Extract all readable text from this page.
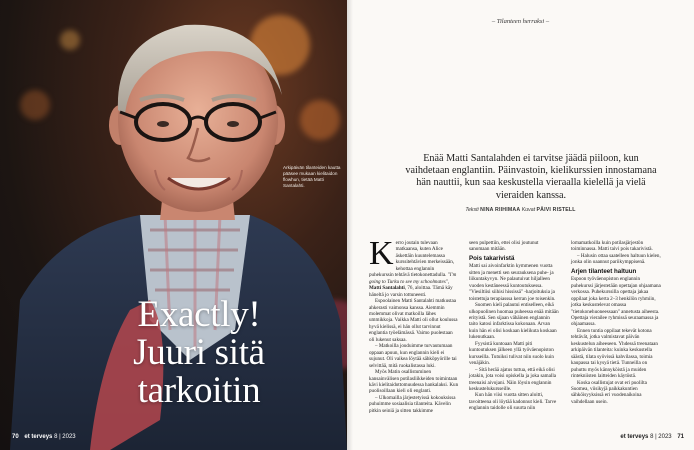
Arkipäivän tilanteiden kautta pääsee mukaan kielitaidon flowhun, tietää Matti Santalahti.
Exactly!
Juuri sitä
tarkoitin
70 et terveys 8 | 2023
– Tilanteen herraksi –
Enää Matti Santalahden ei tarvitse jäädä piiloon, kun vaihdetaan englantiin. Päinvastoin, kielikurssien innostamana hän nauttii, kun saa keskustella vieraalla kielellä ja vielä vieraiden kanssa.
Teksti NINA RIIHIMAA Kuvat PÄIVI RISTELL

Kerro joutain tulevaan matkaansa, kuten Alice äskettäin kuuntelemassa kurssitehtävien merkeissään, kehottaa englannin puhekurssin tehtävä tietokonettadulla. "I'm going to Turku to see my schoolmates", Matti Santalahti, 76, aloittaa. Tämä käy häneltä jo varsin tottuneesti.

Espoolainen Matti Santalahti matkustaa ahkerasti vaimonsa kanssa. Aiemmin molemmat olivat matkoilla lähes ummikkoja. Vaikka Matti oli ollut koulussa hyvä kielissä, ei hän ollut tarvinnut englantia työelämässä. Vaimo puolestaan oli lukenut saksaa.

– Matkoilla jouduimme turvautumaan oppaan apuun, kun englannin kieli ei sujunut. Oli vaikea löytää sähköpyörille tai selvittää, mitä ruokalistassa luki.

Myös Matin osallistuminen kansainvälisen potilasliikkeiden toimintaan kävi kielitaidottomuudessa hankalaksi. Kun puolisoillaan kieli oli englanti.

– Ulkomailla järjestetyissä kokouksissa puhuimme sosiaalisia tilanteita. Kävelin pitkin seiniä ja sitten takkimme

seen pulpettiin, ettei olisi joutunut sanomaan mitään.

Pois takarivistä

Matti sai aivoinfarktin kymmenen vuotta sitten ja menetti sen seurauksena puhe- ja liikuntakyvyn. Ne palautuivat hiljalleen vuoden kestäneessä kuntoutuksessa. "Viesiltiisi siihisi hississä" -harjoituksia ja toistettuja terapiasssa kerran joe toisenkin.

Suomen kieli palautui entiselleen, eikä ulkopuolinen huomaa puheessa enää mitään erityistä. Sen sijaan vähäinen englannin taito katosi infarktissa kokonaan. Arvan kuin hän ei olisi koskaan kielikuta koskaan lukenutkaan.

Fyysistä kuntoaan Matti piti kuntoutuksen jälkeen yllä työväenopiston kursseilla. Tutuiksi tulivat niin ​suolo kuin venäjäkin.

– Sitä herää ajatus tuttua, että eikä olisi jotakin, jota voisi opiskella ja joka samalla treenaisi aivojani. Näin löysin englannin keskustelukursseille.

Kun hän viisi vuotta sitten aloitti, tavoitteena oli löytää kadonnut kieli. Tarve englannin taidolle oli suurta niin

lomamatkoilla kuin potilasjärjestön toiminnassa. Matti taivi pois takarivistä.

– Halusin ottaa saatelleen haltuun kielen, jonka olin oaannut pariikymppisenä.

Arjen tilanteet haltuun

Espoon työväenopiston englannin puhekurssi järjestetään opettajan ohjaamana verkossa. Puhekurssilla opettaja jakaa oppilaat joka kerta 2–3 henkilön ryhmiin, jotka keskustelevat omassa "tietokonehuoneessaan" annetusta aiheesta. Opettaja vierailee ryhmissä seuraamassa ja ohjaamassa.

Ennen tuntia oppilaat tekevät kotona tehtävät, jotka valmistavat päivän keskustelun aiheeseen. Yhdessä treenataan arkipäivän tilanteita: kuinka keskustella säästä, tilata syövissä kahvilassa, toimia kaupassa tai kysyä tietä. Tunneilla on puhuttu myös kännyköistä ja muiden rintekniisten laitteiden käytöstä.

Koska osallistujat ovat eri puolilta Suomea, viisikyjä paikkakuntien sähköisyyksissä eri vuodenaikoina vaihdellaan usein.

et terveys 8 | 2023 71
